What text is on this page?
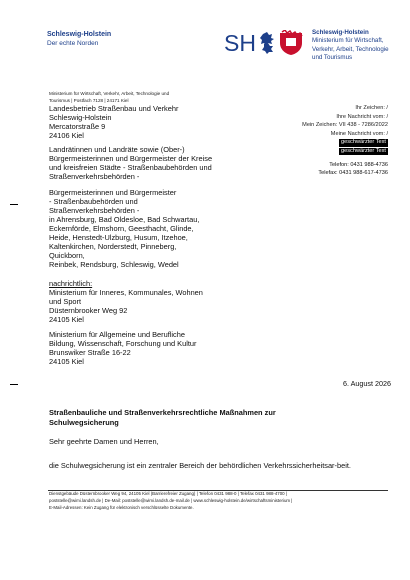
Schleswig-Holstein
Der echte Norden	SH	Schleswig-Holstein
Ministerium für Wirtschaft,
Verkehr, Arbeit, Technologie
und Tourismus
Ministerium für Wirtschaft, Verkehr, Arbeit, Technologie und
Tourismus | Postfach 7128 | 24171 Kiel
Landesbetrieb Straßenbau und Verkehr
Schleswig-Holstein
Mercatorstraße 9
24106 Kiel
Ihr Zeichen: /
Ihre Nachricht vom: /
Mein Zeichen: VII 438 - 7286/2022
Meine Nachricht vom: /
geschwärzter Text
geschwärzter Text
Telefon: 0431 988-4736
Telefax: 0431 988-617-4736
Landrätinnen und Landräte sowie (Ober-)
Bürgermeisterinnen und Bürgermeister der Kreise
und kreisfreien Städte - Straßenbaubehörden und
Straßenverkehrsbehörden -
Bürgermeisterinnen und Bürgermeister
- Straßenbaubehörden und
Straßenverkehrsbehörden -
in Ahrensburg, Bad Oldesloe, Bad Schwartau,
Eckernförde, Elmshorn, Geesthacht, Glinde,
Heide, Henstedt-Ulzburg, Husum, Itzehoe,
Kaltenkirchen, Norderstedt, Pinneberg,
Quickborn,
Reinbek, Rendsburg, Schleswig, Wedel
nachrichtlich:
Ministerium für Inneres, Kommunales, Wohnen
und Sport
Düsternbrooker Weg 92
24105 Kiel
Ministerium für Allgemeine und Berufliche
Bildung, Wissenschaft, Forschung und Kultur
Brunswiker Straße 16-22
24105 Kiel
6. August 2026
Straßenbauliche und Straßenverkehrsrechtliche Maßnahmen zur
Schulwegsicherung
Sehr geehrte Damen und Herren,
die Schulwegsicherung ist ein zentraler Bereich der behördlichen Verkehrssicherheitsar-beit.
Dienstgebäude Düsternbrooker Weg 94, 24105 Kiel (Barrierefreier Zugang) | Telefon 0431 988-0 | Telefax 0431 988-4700 |
poststelle@wimi.landsh.de | De-Mail: poststelle@wimi.landsh.de-mail.de | www.schleswig-holstein.de/wirtschaftsministerium |
E-Mail-Adressen: Kein Zugang für elektronisch verschlüsselte Dokumente.
